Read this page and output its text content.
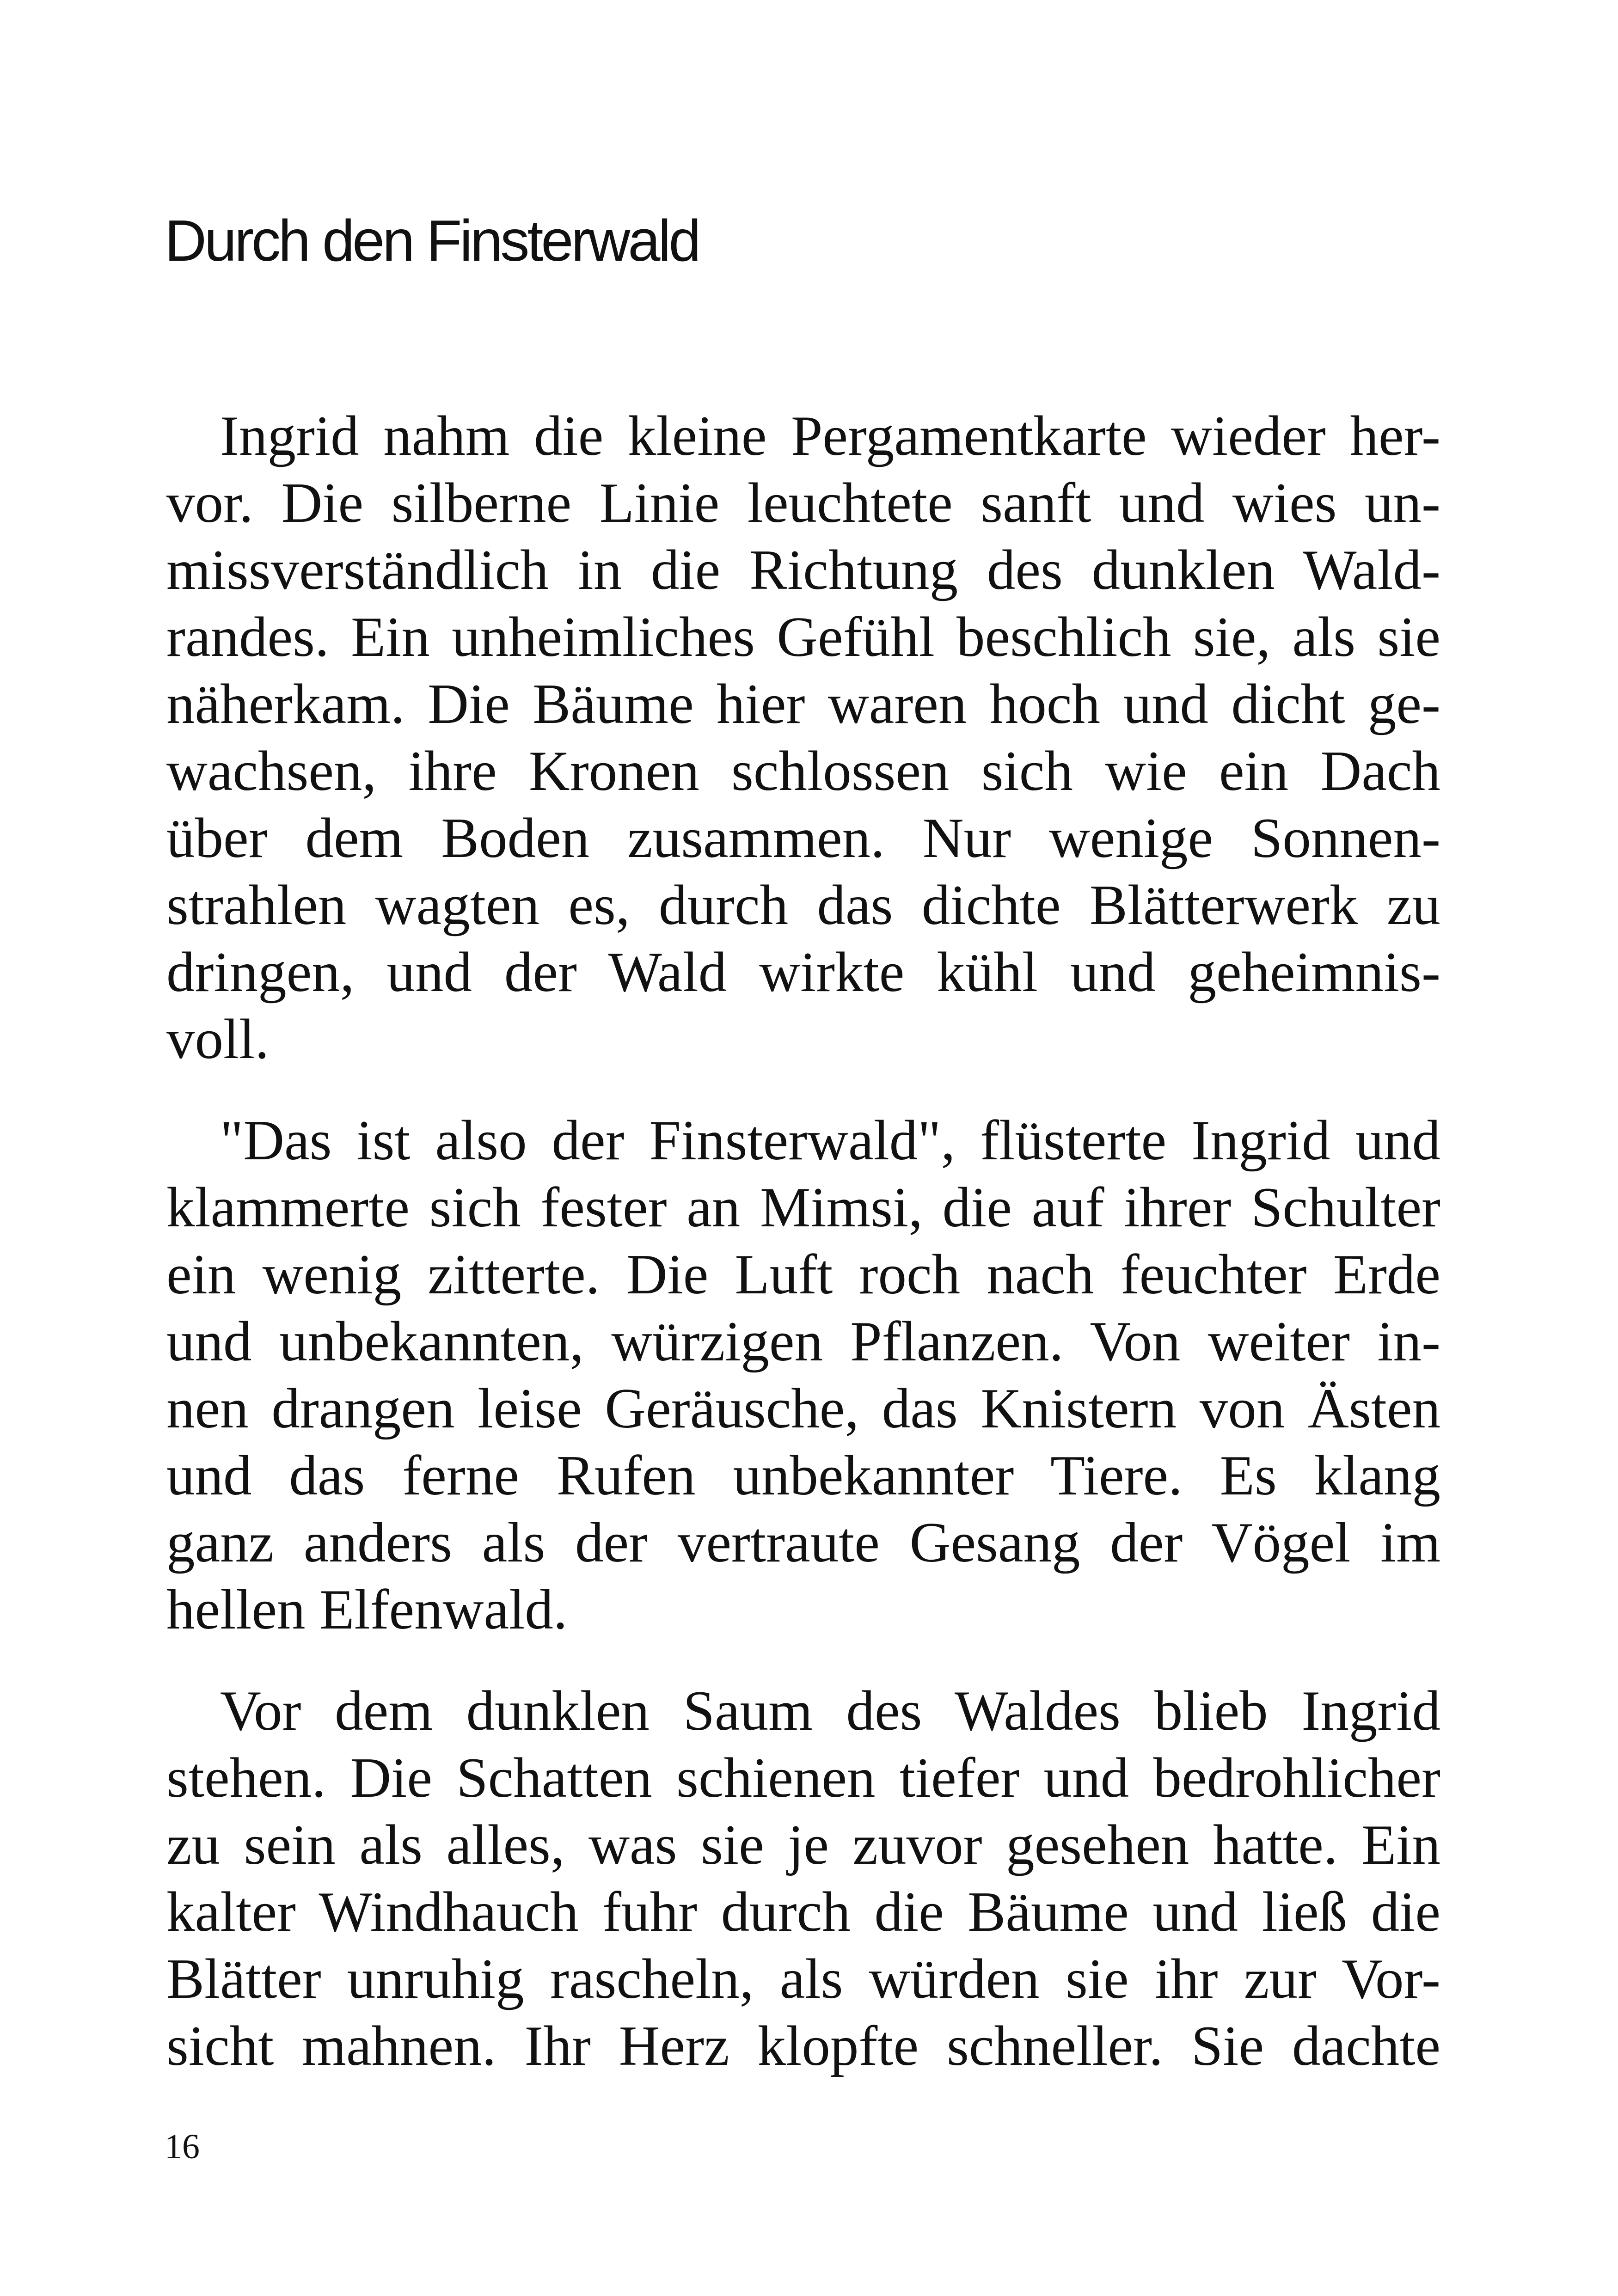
Durch den Finsterwald
Ingrid nahm die kleine Pergamentkarte wieder her-
vor. Die silberne Linie leuchtete sanft und wies un-
missverständlich in die Richtung des dunklen Wald-
randes. Ein unheimliches Gefühl beschlich sie, als sie
näherkam. Die Bäume hier waren hoch und dicht ge-
wachsen, ihre Kronen schlossen sich wie ein Dach
über dem Boden zusammen. Nur wenige Sonnen-
strahlen wagten es, durch das dichte Blätterwerk zu
dringen, und der Wald wirkte kühl und geheimnis-
voll.
"Das ist also der Finsterwald", flüsterte Ingrid und
klammerte sich fester an Mimsi, die auf ihrer Schulter
ein wenig zitterte. Die Luft roch nach feuchter Erde
und unbekannten, würzigen Pflanzen. Von weiter in-
nen drangen leise Geräusche, das Knistern von Ästen
und das ferne Rufen unbekannter Tiere. Es klang
ganz anders als der vertraute Gesang der Vögel im
hellen Elfenwald.
Vor dem dunklen Saum des Waldes blieb Ingrid
stehen. Die Schatten schienen tiefer und bedrohlicher
zu sein als alles, was sie je zuvor gesehen hatte. Ein
kalter Windhauch fuhr durch die Bäume und ließ die
Blätter unruhig rascheln, als würden sie ihr zur Vor-
sicht mahnen. Ihr Herz klopfte schneller. Sie dachte

16
